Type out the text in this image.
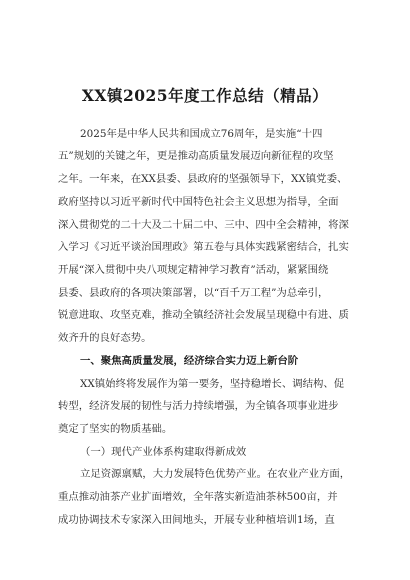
XX镇2025年度工作总结（精品）
2025年是中华人民共和国成立76周年，是实施“十四
五”规划的关键之年，更是推动高质量发展迈向新征程的攻坚
之年。一年来，在XX县委、县政府的坚强领导下，XX镇党委、
政府坚持以习近平新时代中国特色社会主义思想为指导，全面
深入贯彻党的二十大及二十届二中、三中、四中全会精神，将深
入学习《习近平谈治国理政》第五卷与具体实践紧密结合，扎实
开展“深入贯彻中央八项规定精神学习教育”活动，紧紧围绕
县委、县政府的各项决策部署，以“百千万工程”为总牵引，
锐意进取、攻坚克难，推动全镇经济社会发展呈现稳中有进、质
效齐升的良好态势。
一、聚焦高质量发展，经济综合实力迈上新台阶
XX镇始终将发展作为第一要务，坚持稳增长、调结构、促
转型，经济发展的韧性与活力持续增强，为全镇各项事业进步
奠定了坚实的物质基础。
（一）现代产业体系构建取得新成效
立足资源禀赋，大力发展特色优势产业。在农业产业方面，
重点推动油茶产业扩面增效，全年落实新造油茶林500亩，并
成功协调技术专家深入田间地头，开展专业种植培训1场，直
